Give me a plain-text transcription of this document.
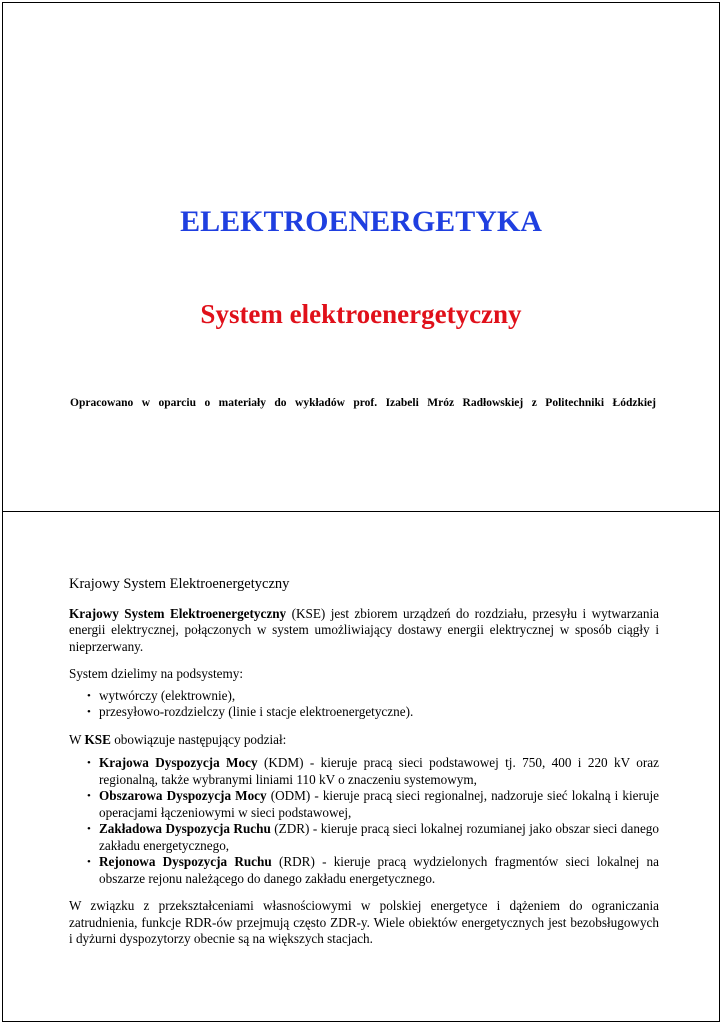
ELEKTROENERGETYKA
System elektroenergetyczny
Opracowano w oparciu o materiały do wykładów prof. Izabeli Mróz Radłowskiej z Politechniki Łódzkiej
Krajowy System Elektroenergetyczny

Krajowy System Elektroenergetyczny (KSE) jest zbiorem urządzeń do rozdziału, przesyłu i wytwarzania energii elektrycznej, połączonych w system umożliwiający dostawy energii elektrycznej w sposób ciągły i nieprzerwany.

System dzielimy na podsystemy:

• wytwórczy (elektrownie),
• przesyłowo-rozdzielczy (linie i stacje elektroenergetyczne).

W KSE obowiązuje następujący podział:

• Krajowa Dyspozycja Mocy (KDM) - kieruje pracą sieci podstawowej tj. 750, 400 i 220 kV oraz regionalną, także wybranymi liniami 110 kV o znaczeniu systemowym,
• Obszarowa Dyspozycja Mocy (ODM) - kieruje pracą sieci regionalnej, nadzoruje sieć lokalną i kieruje operacjami łączeniowymi w sieci podstawowej,
• Zakładowa Dyspozycja Ruchu (ZDR) - kieruje pracą sieci lokalnej rozumianej jako obszar sieci danego zakładu energetycznego,
• Rejonowa Dyspozycja Ruchu (RDR) - kieruje pracą wydzielonych fragmentów sieci lokalnej na obszarze rejonu należącego do danego zakładu energetycznego.

W związku z przekształceniami własnościowymi w polskiej energetyce i dążeniem do ograniczania zatrudnienia, funkcje RDR-ów przejmują często ZDR-y. Wiele obiektów energetycznych jest bezobsługowych i dyżurni dyspozytorzy obecnie są na większych stacjach.
